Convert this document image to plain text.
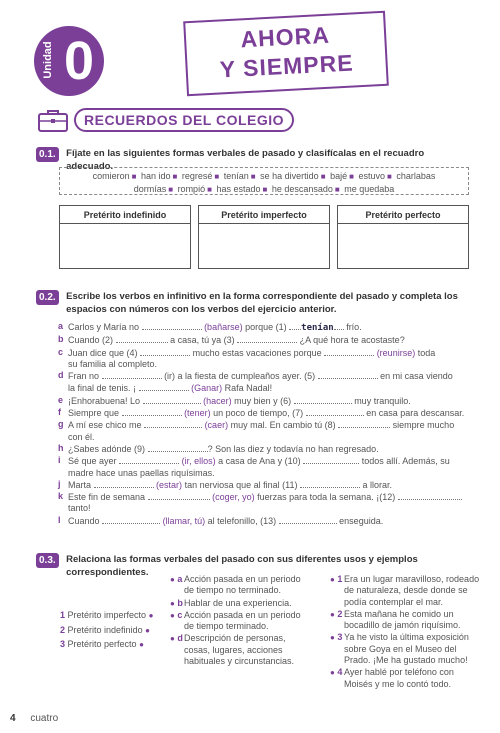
Unidad 0	AHORA
Y SIEMPRE
RECUERDOS DEL COLEGIO
0.1. Fíjate en las siguientes formas verbales de pasado y clasifícalas en el recuadro adecuado.
comieron ■ han ido ■ regresé ■ tenían ■ se ha divertido ■ bajé ■ estuvo ■ charlabas
dormías ■ rompió ■ has estado ■ he descansado ■ me quedaba
Pretérito indefinido	Pretérito imperfecto	Pretérito perfecto
0.2. Escribe los verbos en infinitivo en la forma correspondiente del pasado y completa los espacios con números con los verbos del ejercicio anterior.
a Carlos y María no	(bañarse) porque (1) tenían frío.
b Cuando (2)	a casa, tú ya (3)	¿A qué hora te acostaste?
c Juan dice que (4)	mucho estas vacaciones porque	(reunirse) toda
su familia al completo.
d Fran no	(ir) a la fiesta de cumpleaños ayer. (5)	en mi casa viendo
la final de tenis. ¡	(Ganar) Rafa Nadal!
e ¡Enhorabuena! Lo	(hacer) muy bien y (6)	muy tranquilo.
f Siempre que	(tener) un poco de tiempo, (7)	en casa para descansar.
g A mí ese chico me	(caer) muy mal. En cambio tú (8)	siempre mucho
con él.
h ¿Sabes adónde (9)	? Son las diez y todavía no han regresado.
i Sé que ayer	(ir, ellos) a casa de Ana y (10)	todos allí. Además, su
madre hace unas paellas riquísimas.
j Marta	(estar) tan nerviosa que al final (11)	a llorar.
k Este fin de semana	(coger, yo) fuerzas para toda la semana. ¡(12)
tanto!
l Cuando	(llamar, tú) al telefonillo, (13)	enseguida.
0.3. Relaciona las formas verbales del pasado con sus diferentes usos y ejemplos correspondientes.
1 Pretérito imperfecto ●
2 Pretérito indefinido ●
3 Pretérito perfecto ●
● a Acción pasada en un periodo de tiempo no terminado.
● b Hablar de una experiencia.
● c Acción pasada en un periodo de tiempo terminado.
● d Descripción de personas, cosas, lugares, acciones habituales y circunstancias.
● 1 Era un lugar maravilloso, rodeado de naturaleza, desde donde se podía contemplar el mar.
● 2 Esta mañana he comido un bocadillo de jamón riquísimo.
● 3 Ya he visto la última exposición sobre Goya en el Museo del Prado. ¡Me ha gustado mucho!
● 4 Ayer hablé por teléfono con Moisés y me lo contó todo.
4 cuatro
